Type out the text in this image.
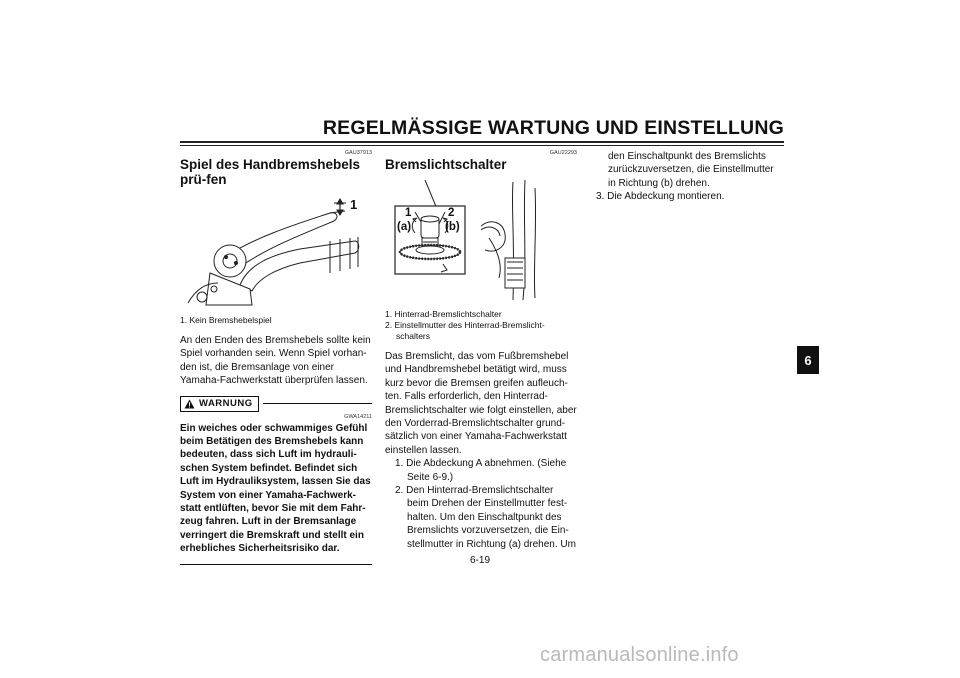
REGELMÄSSIGE WARTUNG UND EINSTELLUNG
GAU37913
Spiel des Handbremshebels prü-fen
1
1. Kein Bremshebelspiel

An den Enden des Bremshebels sollte kein Spiel vorhanden sein. Wenn Spiel vorhan-den ist, die Bremsanlage von einer Yamaha-Fachwerkstatt überprüfen lassen.

WARNUNG
GWA14211
Ein weiches oder schwammiges Gefühl beim Betätigen des Bremshebels kann bedeuten, dass sich Luft im hydrauli-schen System befindet. Befindet sich Luft im Hydrauliksystem, lassen Sie das System von einer Yamaha-Fachwerk-statt entlüften, bevor Sie mit dem Fahr-zeug fahren. Luft in der Bremsanlage verringert die Bremskraft und stellt ein erhebliches Sicherheitsrisiko dar.
GAU22293
Bremslichtschalter
1	2
(a)	(b)
1. Hinterrad-Bremslichtschalter
2. Einstellmutter des Hinterrad-Bremslicht-schalters

Das Bremslicht, das vom Fußbremshebel und Handbremshebel betätigt wird, muss kurz bevor die Bremsen greifen aufleuch-ten. Falls erforderlich, den Hinterrad-Bremslichtschalter wie folgt einstellen, aber den Vorderrad-Bremslichtschalter grund-sätzlich von einer Yamaha-Fachwerkstatt einstellen lassen.

1. Die Abdeckung A abnehmen. (Siehe Seite 6-9.)
2. Den Hinterrad-Bremslichtschalter beim Drehen der Einstellmutter fest-halten. Um den Einschaltpunkt des Bremslichts vorzuversetzen, die Ein-stellmutter in Richtung (a) drehen. Um
den Einschaltpunkt des Bremslichts zurückzuversetzen, die Einstellmutter in Richtung (b) drehen.
3. Die Abdeckung montieren.
6
6-19
carmanualsonline.info
